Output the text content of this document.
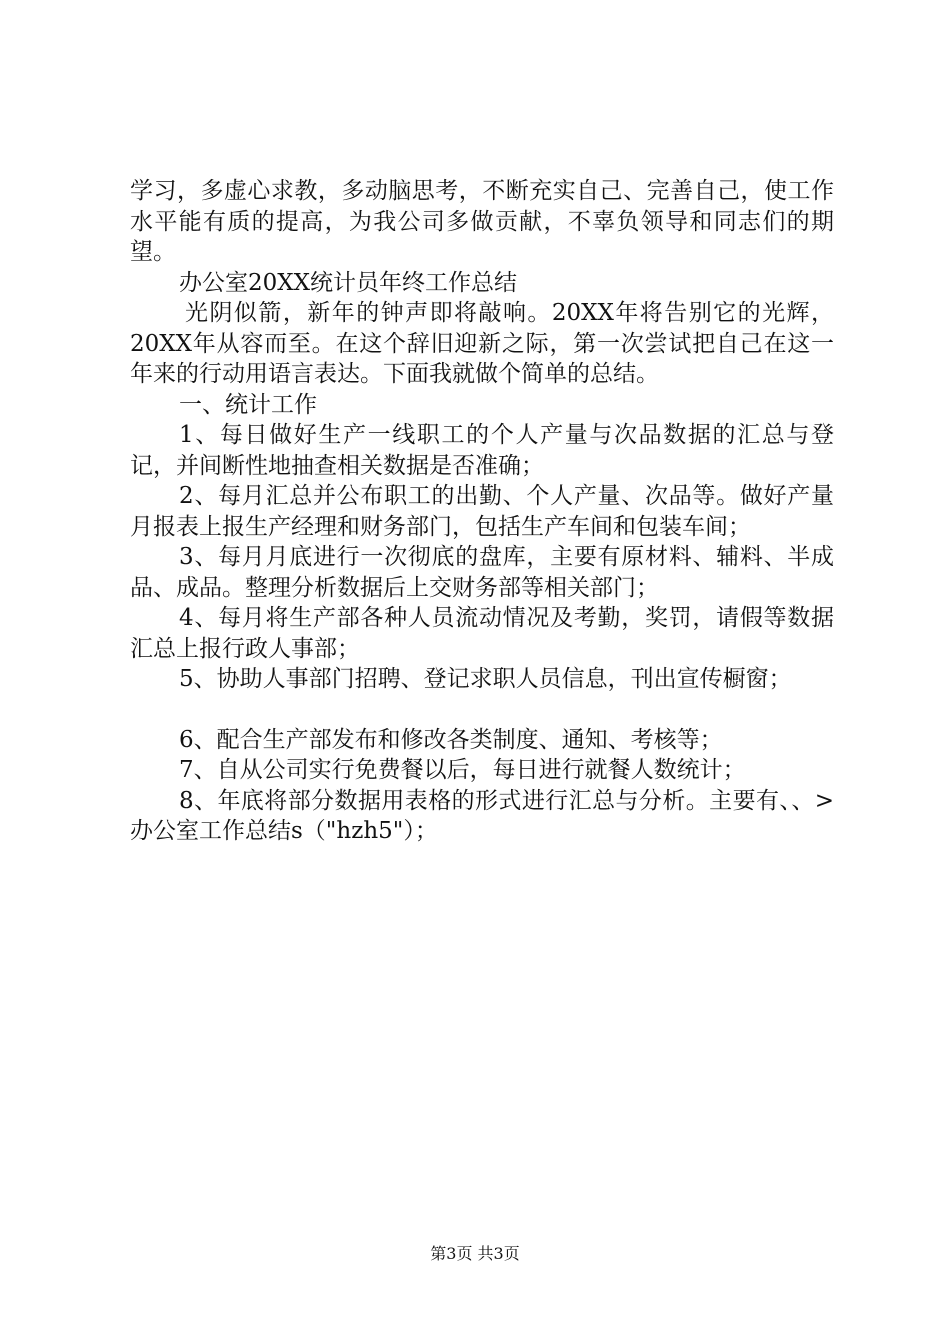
学习，多虚心求教，多动脑思考，不断充实自己、完善自己，使工作水平能有质的提高，为我公司多做贡献，不辜负领导和同志们的期望。

办公室20XX统计员年终工作总结

光阴似箭，新年的钟声即将敲响。20XX年将告别它的光辉，20XX年从容而至。在这个辞旧迎新之际，第一次尝试把自己在这一年来的行动用语言表达。下面我就做个简单的总结。

一、统计工作

1、每日做好生产一线职工的个人产量与次品数据的汇总与登记，并间断性地抽查相关数据是否准确；

2、每月汇总并公布职工的出勤、个人产量、次品等。做好产量月报表上报生产经理和财务部门，包括生产车间和包装车间；

3、每月月底进行一次彻底的盘库，主要有原材料、辅料、半成品、成品。整理分析数据后上交财务部等相关部门；

4、每月将生产部各种人员流动情况及考勤，奖罚，请假等数据汇总上报行政人事部；

5、协助人事部门招聘、登记求职人员信息，刊出宣传橱窗；

6、配合生产部发布和修改各类制度、通知、考核等；

7、自从公司实行免费餐以后，每日进行就餐人数统计；

8、年底将部分数据用表格的形式进行汇总与分析。主要有、、>办公室工作总结s（"hzh5"）；

第3页 共3页
